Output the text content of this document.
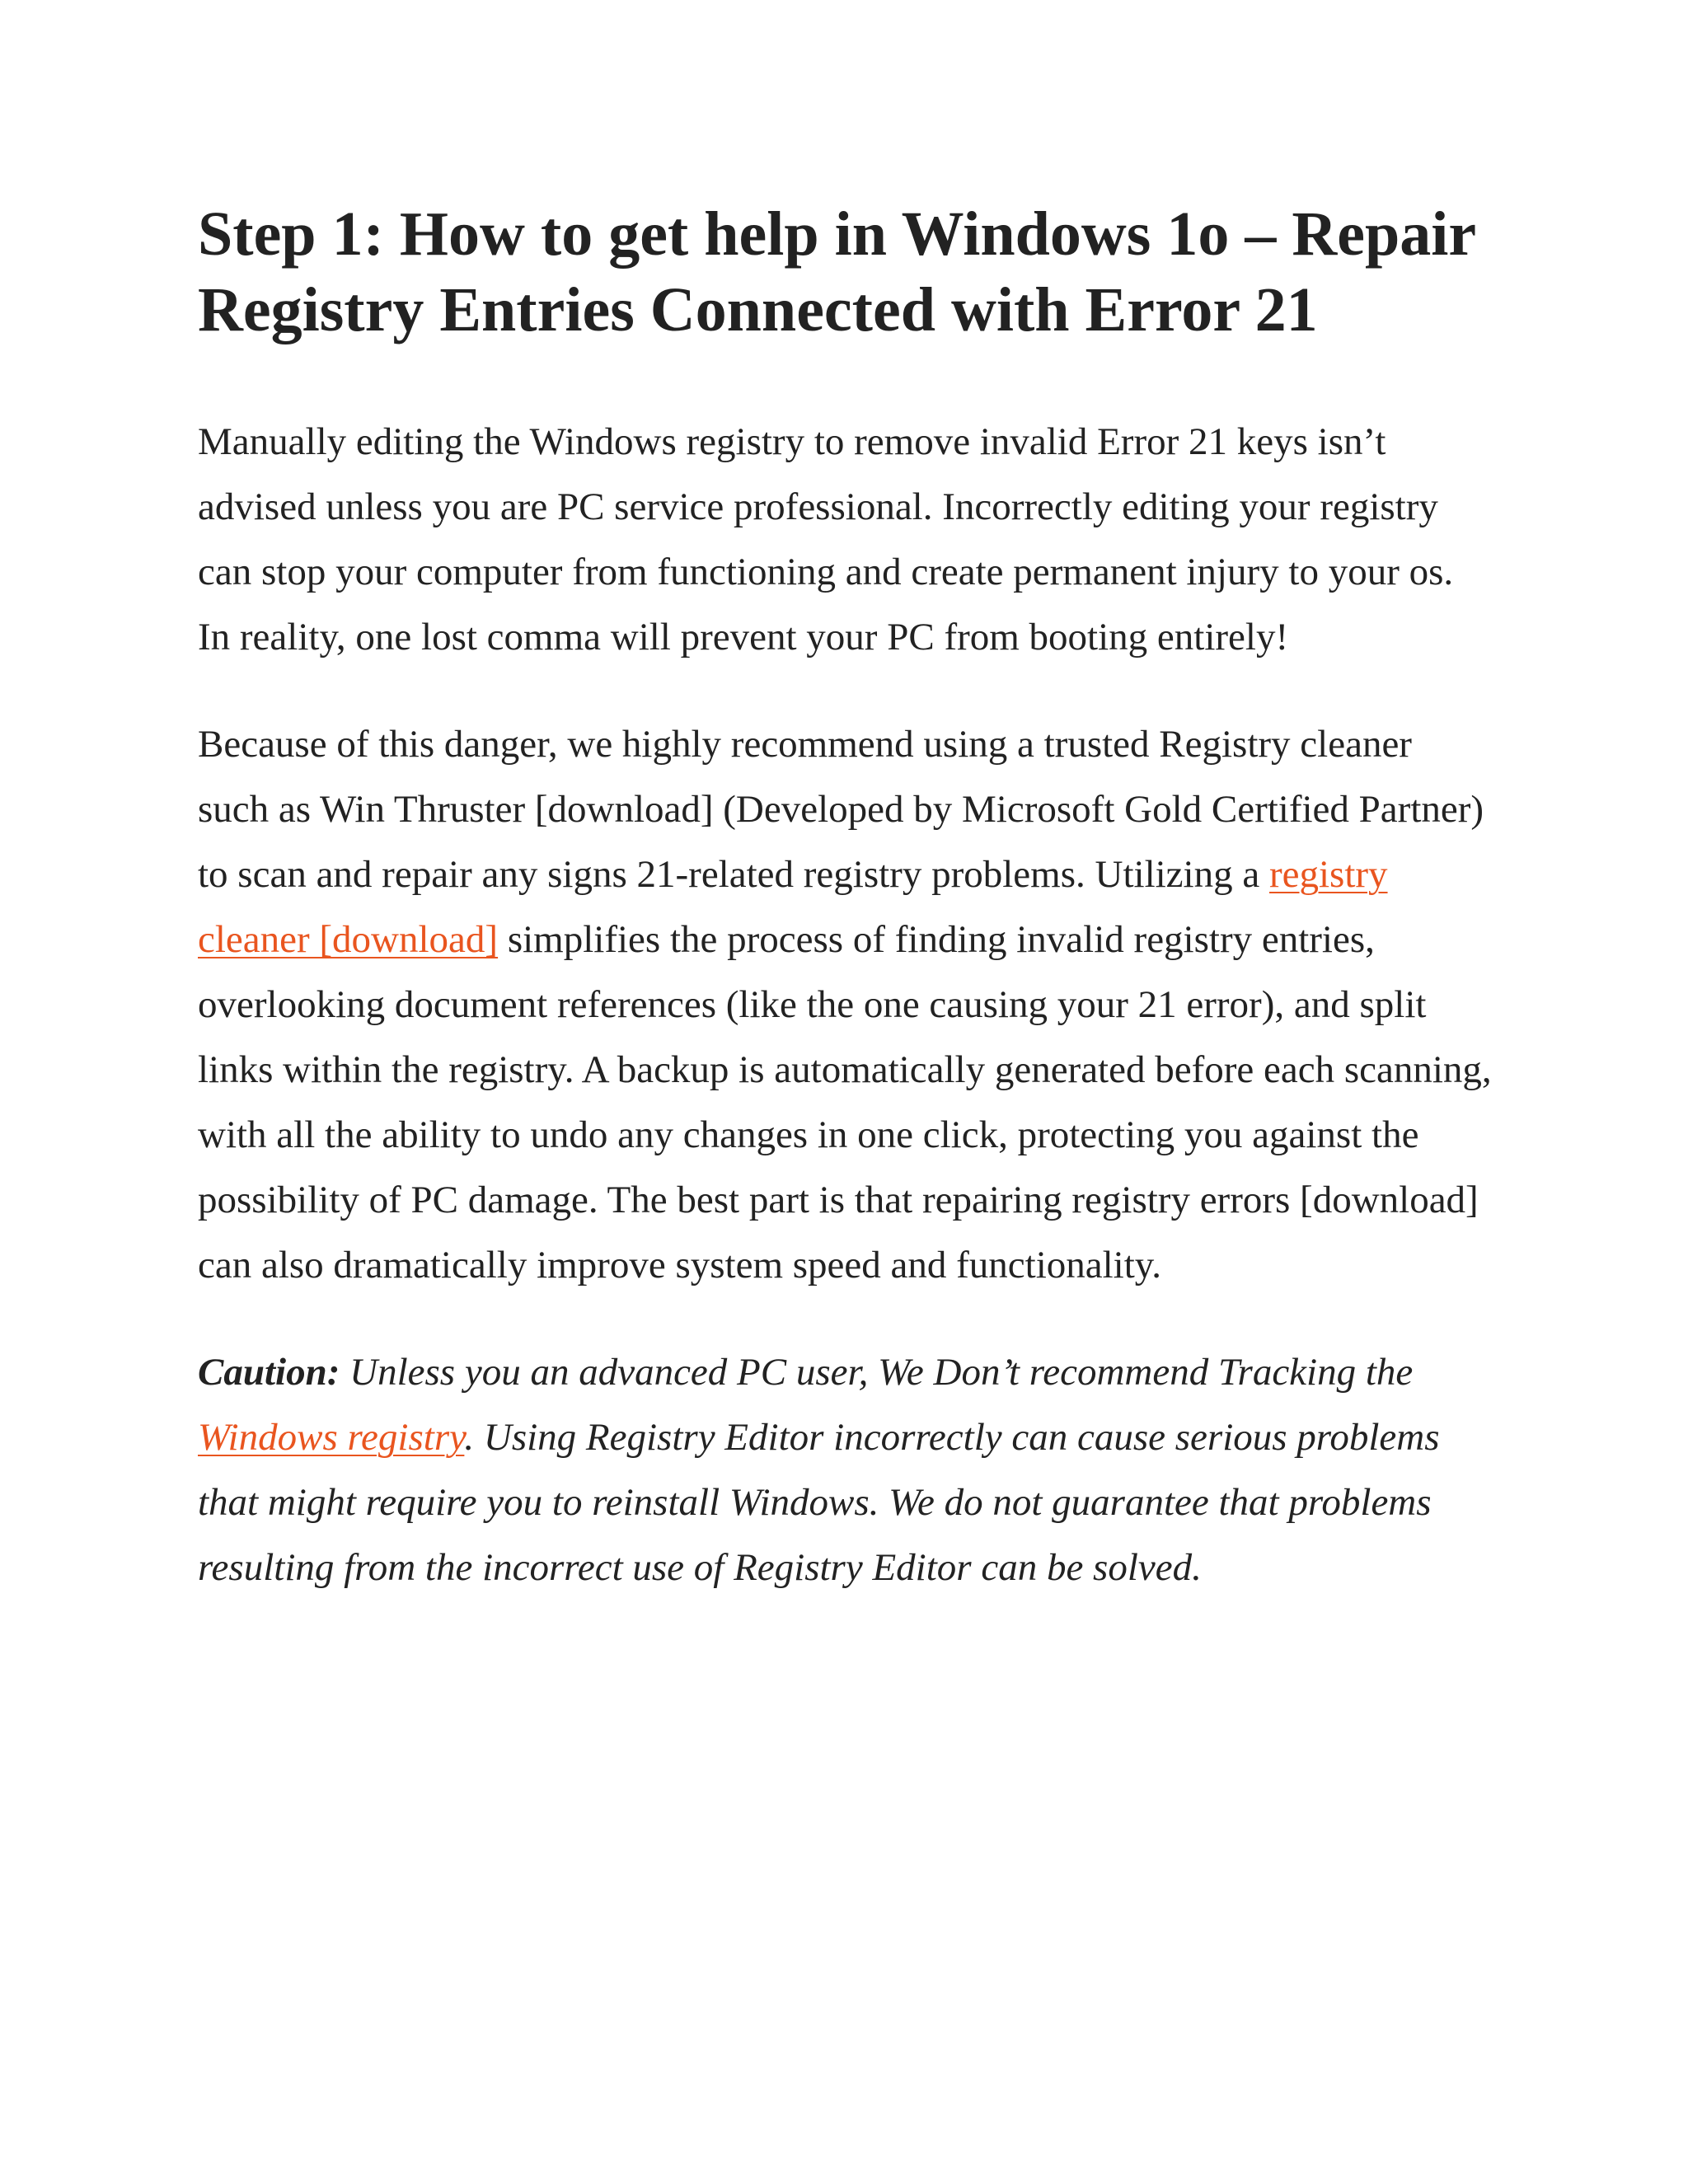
Step 1: How to get help in Windows 1o – Repair Registry Entries Connected with Error 21

Manually editing the Windows registry to remove invalid Error 21 keys isn’t advised unless you are PC service professional. Incorrectly editing your registry can stop your computer from functioning and create permanent injury to your os. In reality, one lost comma will prevent your PC from booting entirely!

Because of this danger, we highly recommend using a trusted Registry cleaner such as Win Thruster [download] (Developed by Microsoft Gold Certified Partner) to scan and repair any signs 21-related registry problems. Utilizing a registry cleaner [download] simplifies the process of finding invalid registry entries, overlooking document references (like the one causing your 21 error), and split links within the registry. A backup is automatically generated before each scanning, with all the ability to undo any changes in one click, protecting you against the possibility of PC damage. The best part is that repairing registry errors [download] can also dramatically improve system speed and functionality.

Caution: Unless you an advanced PC user, We Don’t recommend Tracking the Windows registry. Using Registry Editor incorrectly can cause serious problems that might require you to reinstall Windows. We do not guarantee that problems resulting from the incorrect use of Registry Editor can be solved.
